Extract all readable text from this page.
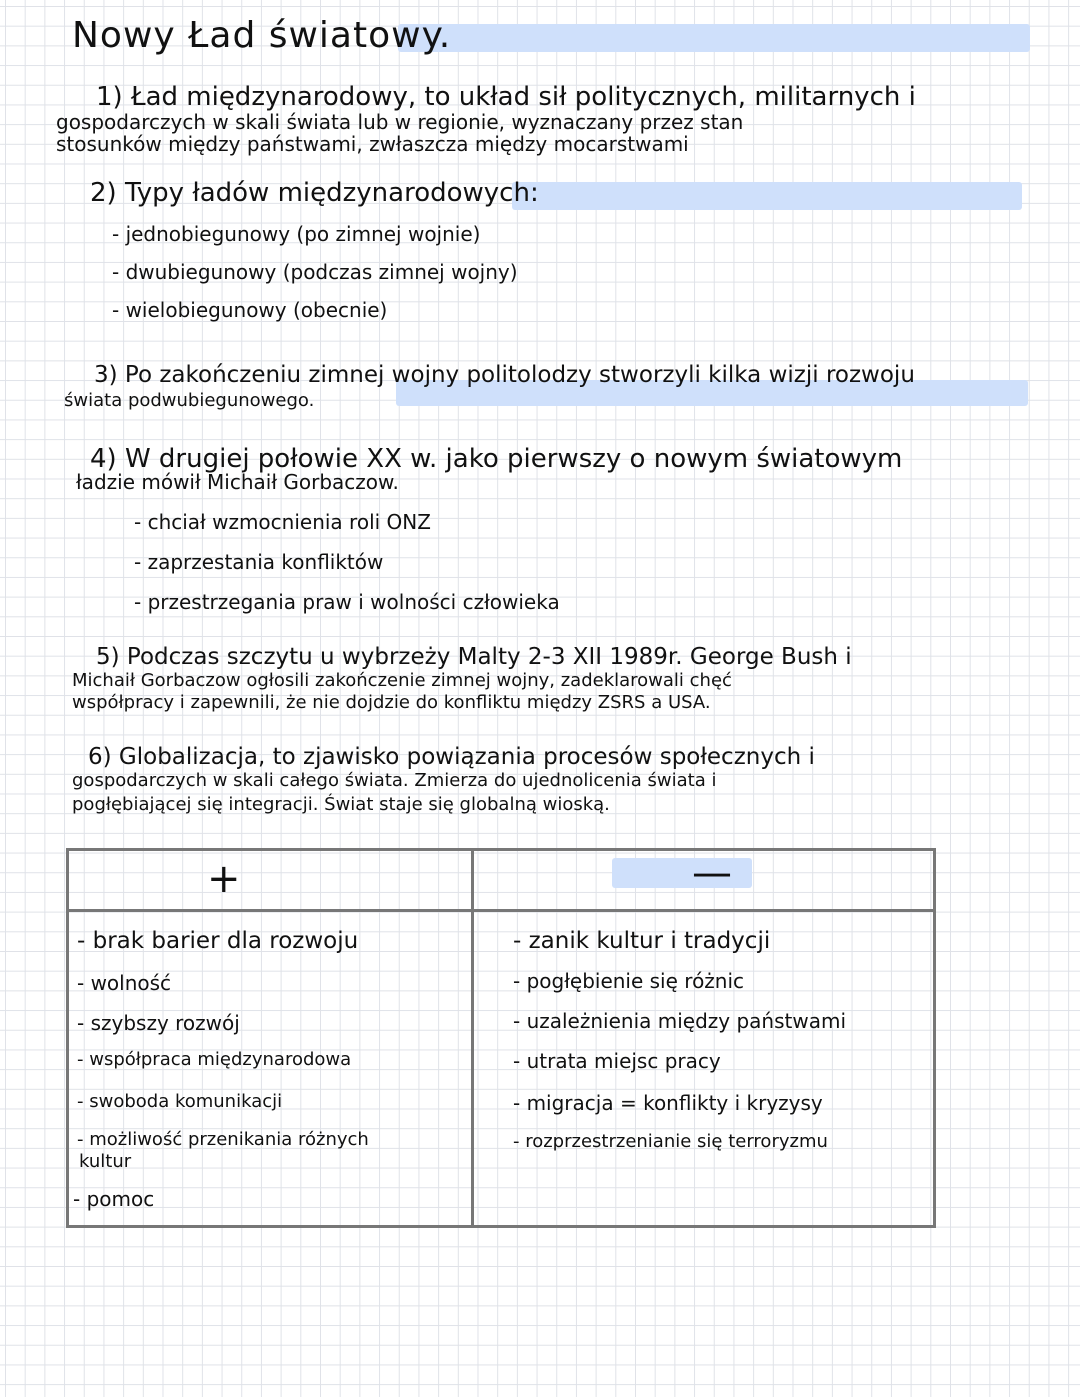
Nowy Ład światowy.
1) Ład międzynarodowy, to układ sił politycznych, militarnych i
gospodarczych w skali świata lub w regionie, wyznaczany przez stan
stosunków między państwami, zwłaszcza między mocarstwami
2) Typy ładów międzynarodowych:
- jednobiegunowy (po zimnej wojnie)
- dwubiegunowy (podczas zimnej wojny)
- wielobiegunowy (obecnie)
3) Po zakończeniu zimnej wojny politolodzy stworzyli kilka wizji rozwoju
świata podwubiegunowego.
4) W drugiej połowie XX w. jako pierwszy o nowym światowym
ładzie mówił Michaił Gorbaczow.
- chciał wzmocnienia roli ONZ
- zaprzestania konfliktów
- przestrzegania praw i wolności człowieka
5) Podczas szczytu u wybrzeży Malty 2-3 XII 1989r. George Bush i
Michaił Gorbaczow ogłosili zakończenie zimnej wojny, zadeklarowali chęć
współpracy i zapewnili, że nie dojdzie do konfliktu między ZSRS a USA.
6) Globalizacja, to zjawisko powiązania procesów społecznych i
gospodarczych w skali całego świata. Zmierza do ujednolicenia świata i
pogłębiającej się integracji. Świat staje się globalną wioską.
+	—
- brak barier dla rozwoju
- wolność
- szybszy rozwój
- współpraca międzynarodowa
- swoboda komunikacji
- możliwość przenikania różnych
kultur
- pomoc
- zanik kultur i tradycji
- pogłębienie się różnic
- uzależnienia między państwami
- utrata miejsc pracy
- migracja = konflikty i kryzysy
- rozprzestrzenianie się terroryzmu
